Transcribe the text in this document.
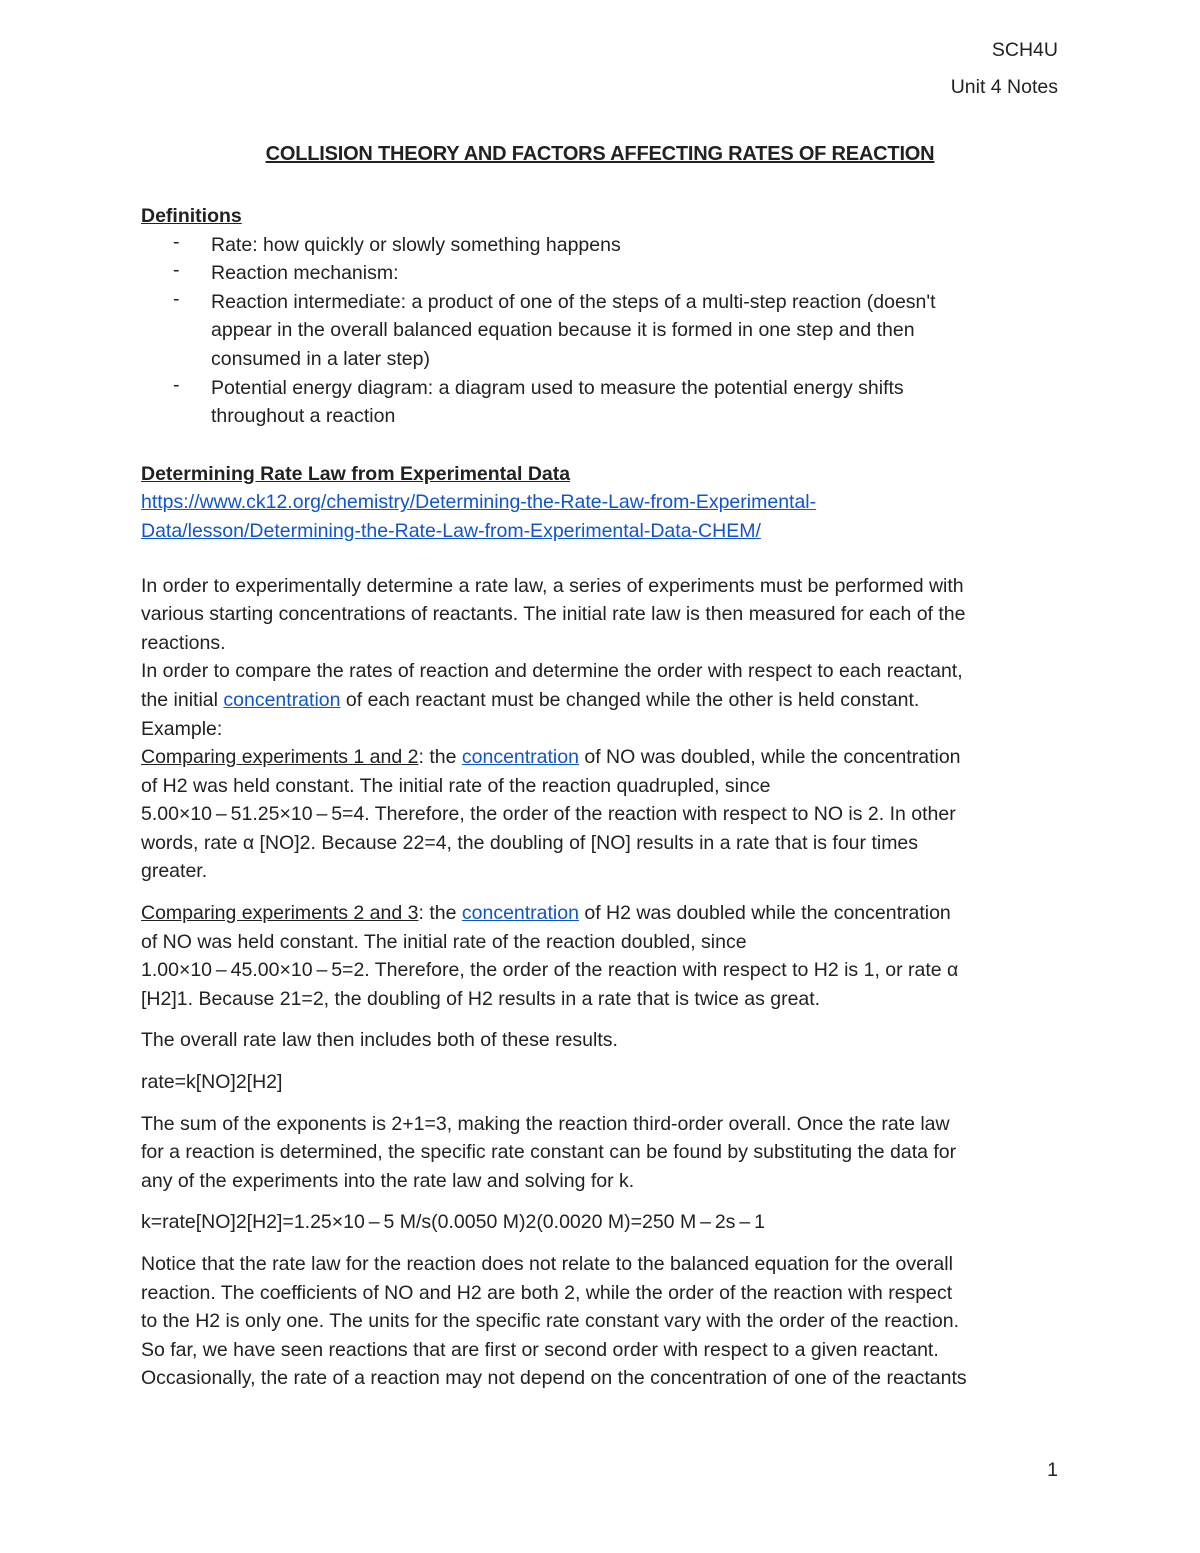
SCH4U
Unit 4 Notes
COLLISION THEORY AND FACTORS AFFECTING RATES OF REACTION
Definitions
- Rate: how quickly or slowly something happens
- Reaction mechanism:
- Reaction intermediate: a product of one of the steps of a multi-step reaction (doesn't
appear in the overall balanced equation because it is formed in one step and then
consumed in a later step)
- Potential energy diagram: a diagram used to measure the potential energy shifts
throughout a reaction
Determining Rate Law from Experimental Data
https://www.ck12.org/chemistry/Determining-the-Rate-Law-from-Experimental-
Data/lesson/Determining-the-Rate-Law-from-Experimental-Data-CHEM/
In order to experimentally determine a rate law, a series of experiments must be performed with
various starting concentrations of reactants. The initial rate law is then measured for each of the
reactions.
In order to compare the rates of reaction and determine the order with respect to each reactant,
the initial concentration of each reactant must be changed while the other is held constant.
Example:
Comparing experiments 1 and 2: the concentration of NO was doubled, while the concentration
of H2 was held constant. The initial rate of the reaction quadrupled, since
5.00×10 – 51.25×10 – 5=4. Therefore, the order of the reaction with respect to NO is 2. In other
words, rate α [NO]2. Because 22=4, the doubling of [NO] results in a rate that is four times
greater.
Comparing experiments 2 and 3: the concentration of H2 was doubled while the concentration
of NO was held constant. The initial rate of the reaction doubled, since
1.00×10 – 45.00×10 – 5=2. Therefore, the order of the reaction with respect to H2 is 1, or rate α
[H2]1. Because 21=2, the doubling of H2 results in a rate that is twice as great.
The overall rate law then includes both of these results.
rate=k[NO]2[H2]
The sum of the exponents is 2+1=3, making the reaction third-order overall. Once the rate law
for a reaction is determined, the specific rate constant can be found by substituting the data for
any of the experiments into the rate law and solving for k.
k=rate[NO]2[H2]=1.25×10 – 5 M/s(0.0050 M)2(0.0020 M)=250 M – 2s – 1
Notice that the rate law for the reaction does not relate to the balanced equation for the overall
reaction. The coefficients of NO and H2 are both 2, while the order of the reaction with respect
to the H2 is only one. The units for the specific rate constant vary with the order of the reaction.
So far, we have seen reactions that are first or second order with respect to a given reactant.
Occasionally, the rate of a reaction may not depend on the concentration of one of the reactants
1
